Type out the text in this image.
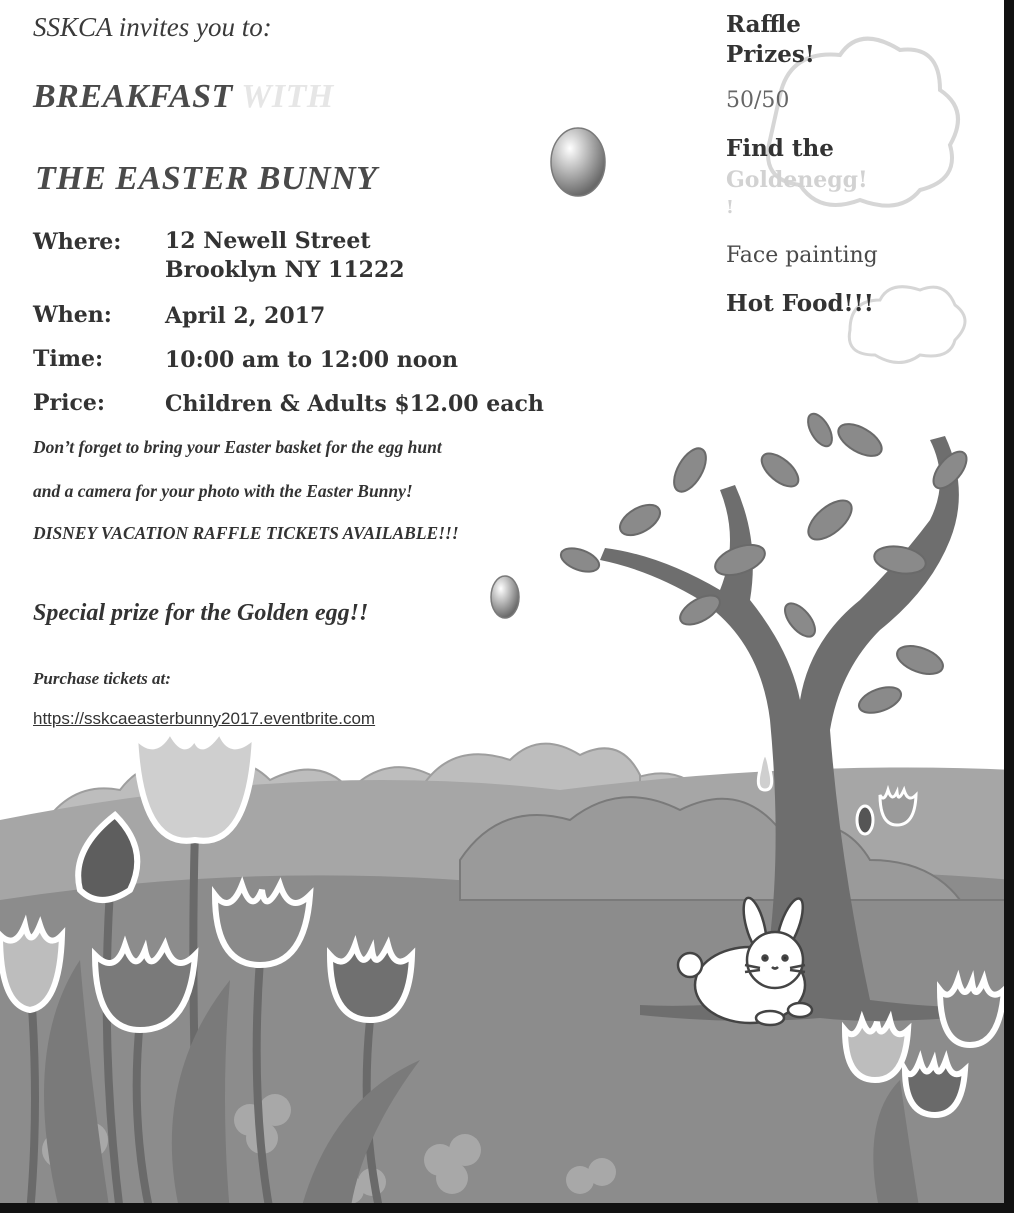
SSKCA invites you to:
BREAKFAST WITH
THE EASTER BUNNY
Where: 12 Newell Street
Brooklyn NY 11222
When: April 2, 2017
Time:	10:00 am to 12:00 noon
Price:	Children & Adults $12.00 each
Don’t forget to bring your Easter basket for the egg hunt
and a camera for your photo with the Easter Bunny!
DISNEY VACATION RAFFLE TICKETS AVAILABLE!!!
Special prize for the Golden egg!!
Purchase tickets at:
https://sskcaeasterbunny2017.eventbrite.com
Raffle
Prizes!
50/50
Find the
Goldenegg!
!
Face painting
Hot Food!!!
